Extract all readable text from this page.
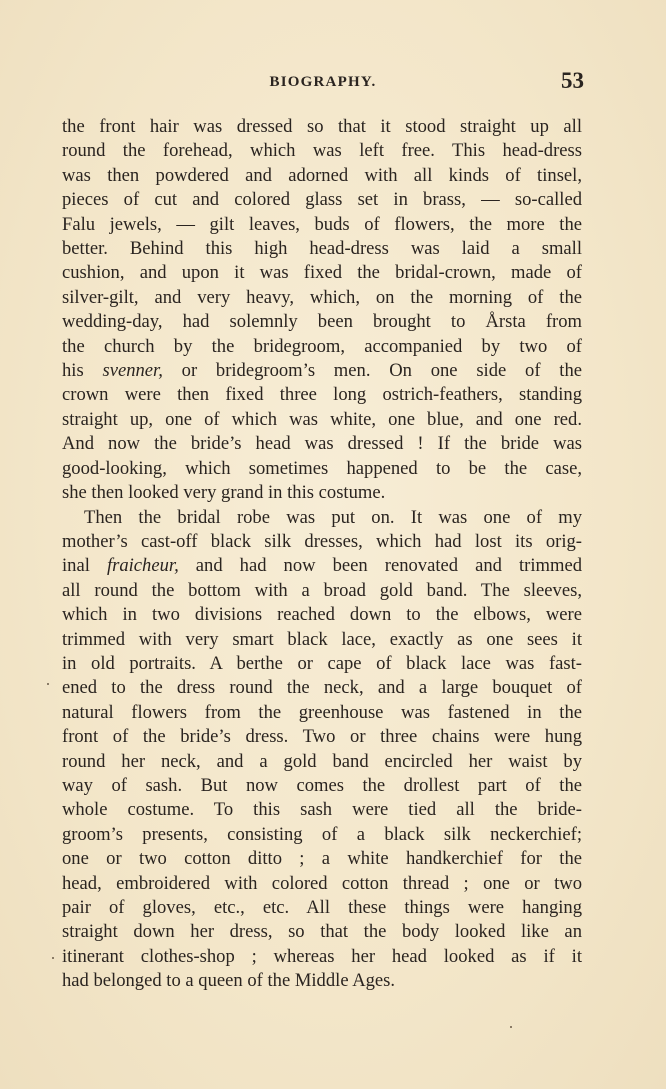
BIOGRAPHY.	53
the front hair was dressed so that it stood straight up all
round the forehead, which was left free. This head-dress
was then powdered and adorned with all kinds of tinsel,
pieces of cut and colored glass set in brass, — so-called
Falu jewels, — gilt leaves, buds of flowers, the more the
better. Behind this high head-dress was laid a small
cushion, and upon it was fixed the bridal-crown, made of
silver-gilt, and very heavy, which, on the morning of the
wedding-day, had solemnly been brought to Årsta from
the church by the bridegroom, accompanied by two of
his svenner, or bridegroom’s men. On one side of the
crown were then fixed three long ostrich-feathers, standing
straight up, one of which was white, one blue, and one red.
And now the bride’s head was dressed ! If the bride was
good-looking, which sometimes happened to be the case,
she then looked very grand in this costume.
Then the bridal robe was put on. It was one of my
mother’s cast-off black silk dresses, which had lost its orig-
inal fraicheur, and had now been renovated and trimmed
all round the bottom with a broad gold band. The sleeves,
which in two divisions reached down to the elbows, were
trimmed with very smart black lace, exactly as one sees it
in old portraits. A berthe or cape of black lace was fast-
ened to the dress round the neck, and a large bouquet of
natural flowers from the greenhouse was fastened in the
front of the bride’s dress. Two or three chains were hung
round her neck, and a gold band encircled her waist by
way of sash. But now comes the drollest part of the
whole costume. To this sash were tied all the bride-
groom’s presents, consisting of a black silk neckerchief;
one or two cotton ditto ; a white handkerchief for the
head, embroidered with colored cotton thread ; one or two
pair of gloves, etc., etc. All these things were hanging
straight down her dress, so that the body looked like an
itinerant clothes-shop ; whereas her head looked as if it
had belonged to a queen of the Middle Ages.
